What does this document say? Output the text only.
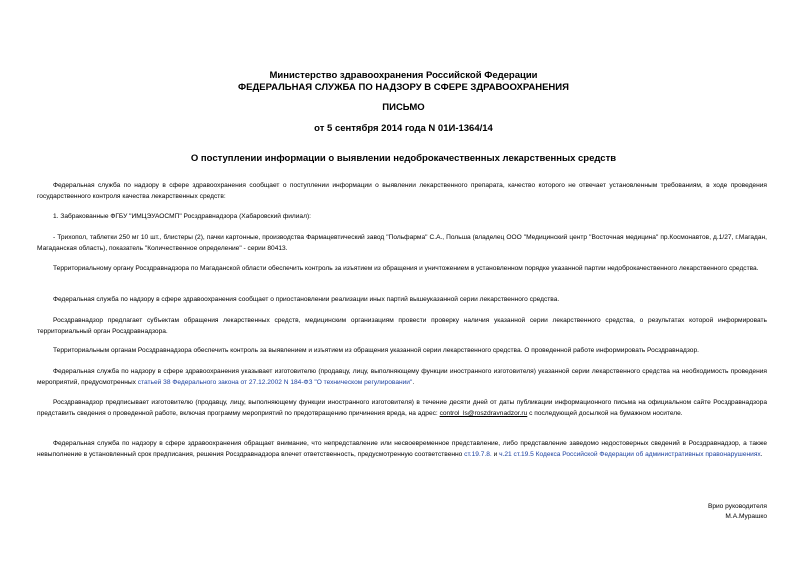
Министерство здравоохранения Российской Федерации
ФЕДЕРАЛЬНАЯ СЛУЖБА ПО НАДЗОРУ В СФЕРЕ ЗДРАВООХРАНЕНИЯ
ПИСЬМО
от 5 сентября 2014 года N 01И-1364/14
О поступлении информации о выявлении недоброкачественных лекарственных средств

Федеральная служба по надзору в сфере здравоохранения сообщает о поступлении информации о выявлении лекарственного препарата, качество которого не отвечает установленным требованиям, в ходе проведения государственного контроля качества лекарственных средств:

1. Забракованные ФГБУ "ИМЦЭУАОСМП" Росздравнадзора (Хабаровский филиал):

- Трихопол, таблетки 250 мг 10 шт., блистеры (2), пачки картонные, производства Фармацевтический завод "Польфарма" С.А., Польша (владелец ООО "Медицинский центр "Восточная медицина" пр.Космонавтов, д.1/27, г.Магадан, Магаданская область), показатель "Количественное определение" - серии 80413.

Территориальному органу Росздравнадзора по Магаданской области обеспечить контроль за изъятием из обращения и уничтожением в установленном порядке указанной партии недоброкачественного лекарственного средства.

Федеральная служба по надзору в сфере здравоохранения сообщает о приостановлении реализации иных партий вышеуказанной серии лекарственного средства.

Росздравнадзор предлагает субъектам обращения лекарственных средств, медицинским организациям провести проверку наличия указанной серии лекарственного средства, о результатах которой информировать территориальный орган Росздравнадзора.

Территориальным органам Росздравнадзора обеспечить контроль за выявлением и изъятием из обращения указанной серии лекарственного средства. О проведенной работе информировать Росздравнадзор.

Федеральная служба по надзору в сфере здравоохранения указывает изготовителю (продавцу, лицу, выполняющему функции иностранного изготовителя) указанной серии лекарственного средства на необходимость проведения мероприятий, предусмотренных статьей 38 Федерального закона от 27.12.2002 N 184-ФЗ "О техническом регулировании".

Росздравнадзор предписывает изготовителю (продавцу, лицу, выполняющему функции иностранного изготовителя) в течение десяти дней от даты публикации информационного письма на официальном сайте Росздравнадзора представить сведения о проведенной работе, включая программу мероприятий по предотвращению причинения вреда, на адрес: control_ls@roszdravnadzor.ru с последующей досылкой на бумажном носителе.

Федеральная служба по надзору в сфере здравоохранения обращает внимание, что непредставление или несвоевременное представление, либо представление заведомо недостоверных сведений в Росздравнадзор, а также невыполнение в установленный срок предписания, решения Росздравнадзора влечет ответственность, предусмотренную соответственно ст.19.7.8. и ч.21 ст.19.5 Кодекса Российской Федерации об административных правонарушениях.

Врио руководителя
М.А.Мурашко
